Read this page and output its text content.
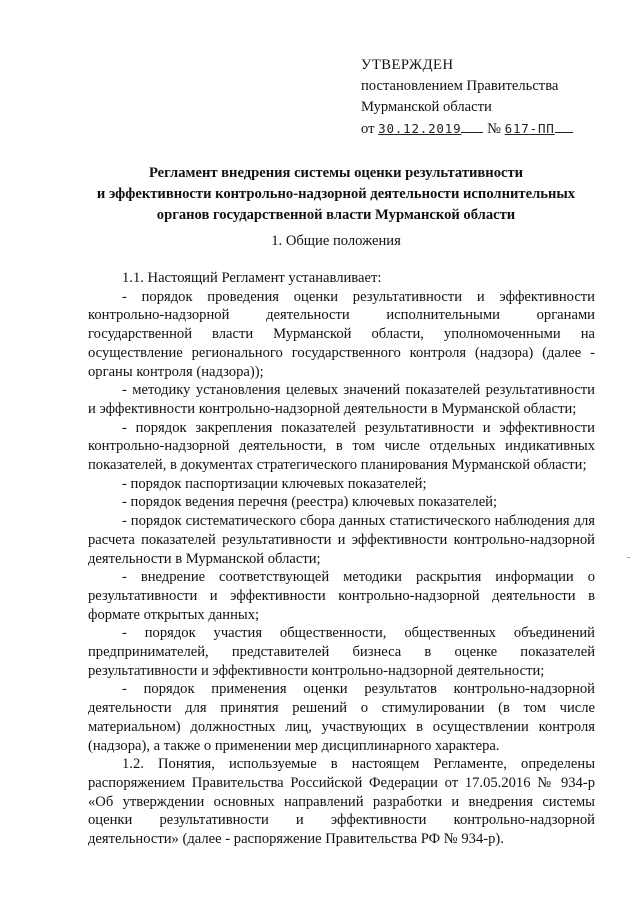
УТВЕРЖДЕН
постановлением Правительства
Мурманской области
от 30.12.2019 № 617-ПП
Регламент внедрения системы оценки результативности
и эффективности контрольно-надзорной деятельности исполнительных
органов государственной власти Мурманской области
1. Общие положения

1.1. Настоящий Регламент устанавливает:

- порядок проведения оценки результативности и эффективности контрольно-надзорной деятельности исполнительными органами государственной власти Мурманской области, уполномоченными на осуществление регионального государственного контроля (надзора) (далее - органы контроля (надзора));

- методику установления целевых значений показателей результативности и эффективности контрольно-надзорной деятельности в Мурманской области;

- порядок закрепления показателей результативности и эффективности контрольно-надзорной деятельности, в том числе отдельных индикативных показателей, в документах стратегического планирования Мурманской области;

- порядок паспортизации ключевых показателей;

- порядок ведения перечня (реестра) ключевых показателей;

- порядок систематического сбора данных статистического наблюдения для расчета показателей результативности и эффективности контрольно-надзорной деятельности в Мурманской области;

- внедрение соответствующей методики раскрытия информации о результативности и эффективности контрольно-надзорной деятельности в формате открытых данных;

- порядок участия общественности, общественных объединений предпринимателей, представителей бизнеса в оценке показателей результативности и эффективности контрольно-надзорной деятельности;

- порядок применения оценки результатов контрольно-надзорной деятельности для принятия решений о стимулировании (в том числе материальном) должностных лиц, участвующих в осуществлении контроля (надзора), а также о применении мер дисциплинарного характера.

1.2. Понятия, используемые в настоящем Регламенте, определены распоряжением Правительства Российской Федерации от 17.05.2016 № 934-р «Об утверждении основных направлений разработки и внедрения системы оценки результативности и эффективности контрольно-надзорной деятельности» (далее - распоряжение Правительства РФ № 934-р).

-
